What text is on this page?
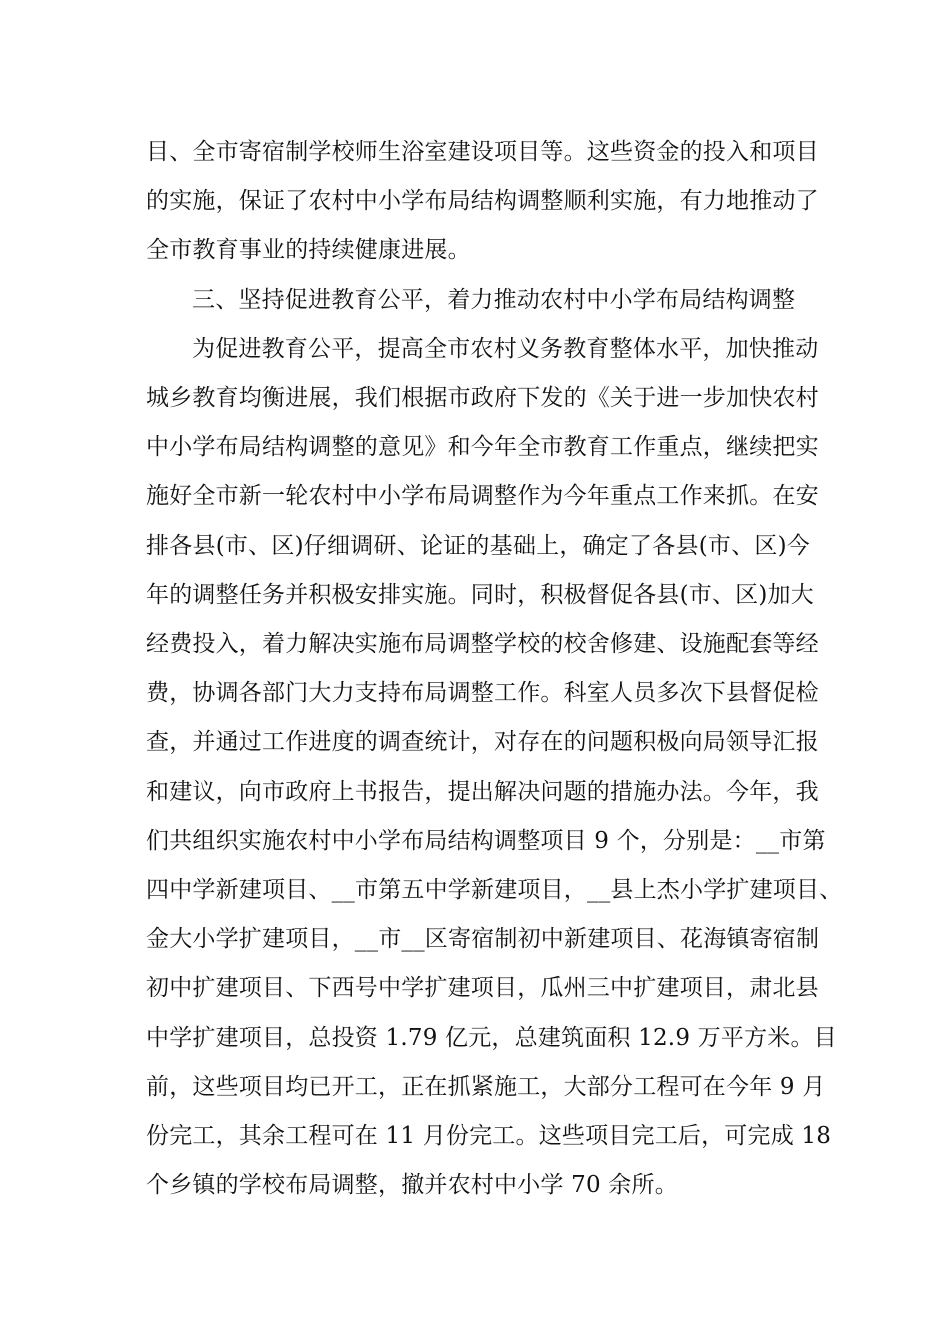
目、全市寄宿制学校师生浴室建设项目等。这些资金的投入和项目
的实施，保证了农村中小学布局结构调整顺利实施，有力地推动了
全市教育事业的持续健康进展。
三、坚持促进教育公平，着力推动农村中小学布局结构调整
为促进教育公平，提高全市农村义务教育整体水平，加快推动
城乡教育均衡进展，我们根据市政府下发的《关于进一步加快农村
中小学布局结构调整的意见》和今年全市教育工作重点，继续把实
施好全市新一轮农村中小学布局调整作为今年重点工作来抓。在安
排各县(市、区)仔细调研、论证的基础上，确定了各县(市、区)今
年的调整任务并积极安排实施。同时，积极督促各县(市、区)加大
经费投入，着力解决实施布局调整学校的校舍修建、设施配套等经
费，协调各部门大力支持布局调整工作。科室人员多次下县督促检
查，并通过工作进度的调查统计，对存在的问题积极向局领导汇报
和建议，向市政府上书报告，提出解决问题的措施办法。今年，我
们共组织实施农村中小学布局结构调整项目 9 个，分别是：__市第
四中学新建项目、__市第五中学新建项目，__县上杰小学扩建项目、
金大小学扩建项目，__市__区寄宿制初中新建项目、花海镇寄宿制
初中扩建项目、下西号中学扩建项目，瓜州三中扩建项目，肃北县
中学扩建项目，总投资 1.79 亿元，总建筑面积 12.9 万平方米。目
前，这些项目均已开工，正在抓紧施工，大部分工程可在今年 9 月
份完工，其余工程可在 11 月份完工。这些项目完工后，可完成 18
个乡镇的学校布局调整，撤并农村中小学 70 余所。
